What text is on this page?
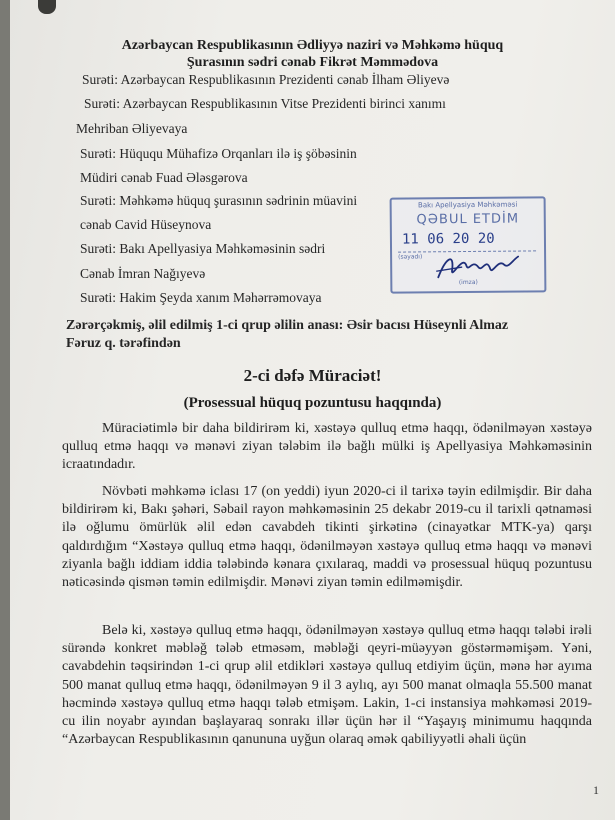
Azərbaycan Respublikasının Ədliyyə naziri və Məhkəmə hüquq
Şurasının sədri cənab Fikrət Məmmədova
Surəti: Azərbaycan Respublikasının Prezidenti cənab İlham Əliyevə
Surəti: Azərbaycan Respublikasının Vitse Prezidenti birinci xanımı
Mehriban Əliyevaya
Surəti: Hüququ Mühafizə Orqanları ilə iş şöbəsinin
Müdiri cənab Fuad Ələsgərova
Surəti: Məhkəmə hüquq şurasının sədrinin müavini
cənab Cavid Hüseynova
Surəti: Bakı Apellyasiya Məhkəməsinin sədri
Cənab İmran Nağıyevə
Surəti: Hakim Şeyda xanım Məhərrəmovaya
Bakı Apellyasiya Məhkəməsi
QƏBUL ETDİM
11 06 20 20
(səyadı)
(imza)
Zərərçəkmiş, əlil edilmiş 1-ci qrup əlilin anası: Əsir bacısı Hüseynli Almaz
Fəruz q. tərəfindən
2-ci dəfə Müraciət!
(Prosessual hüquq pozuntusu haqqında)
Müraciətimlə bir daha bildirirəm ki, xəstəyə qulluq etmə haqqı, ödənilməyən xəstəyə qulluq etmə haqqı və mənəvi ziyan tələbim ilə bağlı mülki iş Apellyasiya Məhkəməsinin icraatındadır.
Növbəti məhkəmə iclası 17 (on yeddi) iyun 2020-ci il tarixə təyin edilmişdir. Bir daha bildirirəm ki, Bakı şəhəri, Səbail rayon məhkəməsinin 25 dekabr 2019-cu il tarixli qətnaməsi ilə oğlumu ömürlük əlil edən cavabdeh tikinti şirkətinə (cinayətkar MTK-ya) qarşı qaldırdığım “Xəstəyə qulluq etmə haqqı, ödənilməyən xəstəyə qulluq etmə haqqı və mənəvi ziyanla bağlı iddiam iddia tələbində kənara çıxılaraq, maddi və prosessual hüquq pozuntusu nəticəsində qismən təmin edilmişdir. Mənəvi ziyan təmin edilməmişdir.
Belə ki, xəstəyə qulluq etmə haqqı, ödənilməyən xəstəyə qulluq etmə haqqı tələbi irəli sürəndə konkret məbləğ tələb etməsəm, məbləği qeyri-müəyyən göstərməmişəm. Yəni, cavabdehin təqsirindən 1-ci qrup əlil etdikləri xəstəyə qulluq etdiyim üçün, mənə hər ayıma 500 manat qulluq etmə haqqı, ödənilməyən 9 il 3 aylıq, ayı 500 manat olmaqla 55.500 manat həcmində xəstəyə qulluq etmə haqqı tələb etmişəm. Lakin, 1-ci instansiya məhkəməsi 2019-cu ilin noyabr ayından başlayaraq sonrakı illər üçün hər il “Yaşayış minimumu haqqında “Azərbaycan Respublikasının qanununa uyğun olaraq əmək qabiliyyətli əhali üçün
1
